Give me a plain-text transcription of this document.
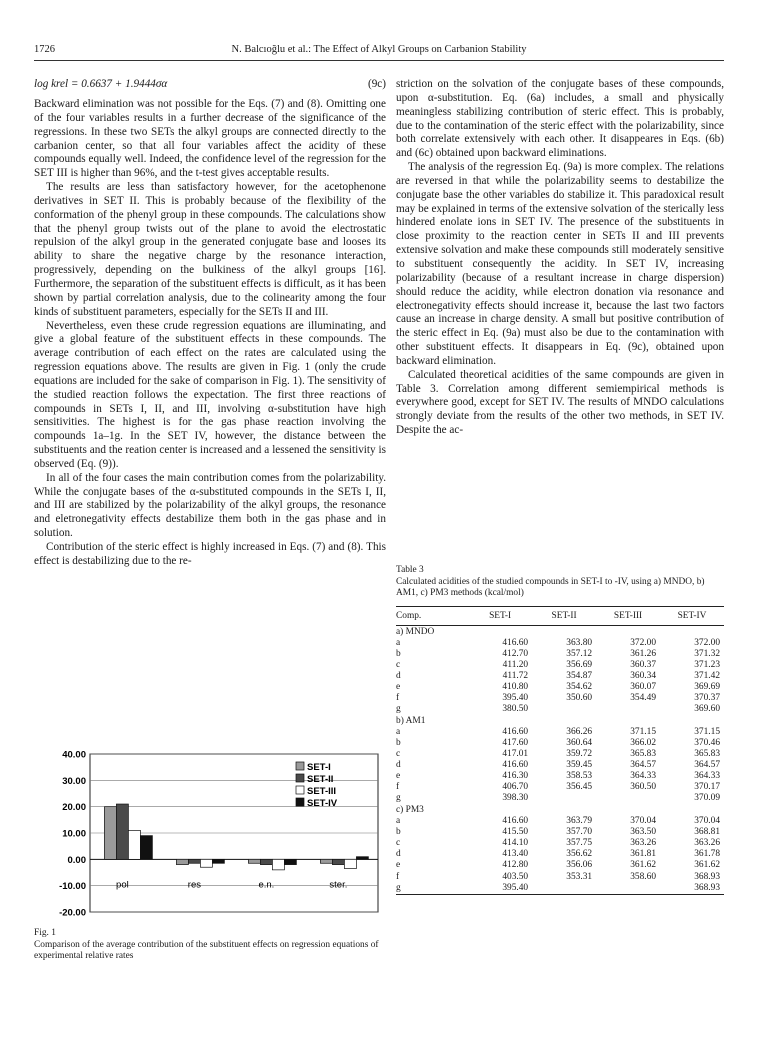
1726	N. Balcıoğlu et al.: The Effect of Alkyl Groups on Carbanion Stability
log krel = 0.6637 + 1.9444σα	(9c)

Backward elimination was not possible for the Eqs. (7) and (8). Omitting one of the four variables results in a further decrease of the significance of the regressions. In these two SETs the alkyl groups are connected directly to the carbanion center, so that all four variables affect the acidity of these compounds equally well. Indeed, the confidence level of the regression for the SET III is higher than 96%, and the t-test gives acceptable results.

The results are less than satisfactory however, for the acetophenone derivatives in SET II. This is probably because of the flexibility of the conformation of the phenyl group in these compounds. The calculations show that the phenyl group twists out of the plane to avoid the electrostatic repulsion of the alkyl group in the generated conjugate base and looses its ability to share the negative charge by the resonance interaction, progressively, depending on the bulkiness of the alkyl groups [16]. Furthermore, the separation of the substituent effects is difficult, as it has been shown by partial correlation analysis, due to the colinearity among the four kinds of substituent parameters, especially for the SETs II and III.

Nevertheless, even these crude regression equations are illuminating, and give a global feature of the substituent effects in these compounds. The average contribution of each effect on the rates are calculated using the regression equations above. The results are given in Fig. 1 (only the crude equations are included for the sake of comparison in Fig. 1). The sensitivity of the studied reaction follows the expectation. The first three reactions of compounds in SETs I, II, and III, involving α-substitution have high sensitivities. The highest is for the gas phase reaction involving the compounds 1a–1g. In the SET IV, however, the distance between the substituents and the reation center is increased and a lessened the sensitivity is observed (Eq. (9)).

In all of the four cases the main contribution comes from the polarizability. While the conjugate bases of the α-substituted compounds in the SETs I, II, and III are stabilized by the polarizability of the alkyl groups, the resonance and eletronegativity effects destabilize them both in the gas phase and in solution.

Contribution of the steric effect is highly increased in Eqs. (7) and (8). This effect is destabilizing due to the re-

striction on the solvation of the conjugate bases of these compounds, upon α-substitution. Eq. (6a) includes, a small and physically meaningless stabilizing contribution of steric effect. This is probably, due to the contamination of the steric effect with the polarizability, since both correlate extensively with each other. It disappeares in Eqs. (6b) and (6c) obtained upon backward eliminations.

The analysis of the regression Eq. (9a) is more complex. The relations are reversed in that while the polarizability seems to destabilize the conjugate base the other variables do stabilize it. This paradoxical result may be explained in terms of the extensive solvation of the sterically less hindered enolate ions in SET IV. The presence of the substituents in close proximity to the reaction center in SETs II and III prevents extensive solvation and make these compounds still moderately sensitive to substituent consequently the acidity. In SET IV, increasing polarizability (because of a resultant increase in charge dispersion) should reduce the acidity, while electron donation via resonance and electronegativity effects should increase it, because the last two factors cause an increase in charge density. A small but positive contribution of the steric effect in Eq. (9a) must also be due to the contamination with other substituent effects. It disappears in Eq. (9c), obtained upon backward elimination.

Calculated theoretical acidities of the same compounds are given in Table 3. Correlation among different semiempirical methods is everywhere good, except for SET IV. The results of MNDO calculations strongly deviate from the results of the other two methods, in SET IV. Despite the ac-

40.00
30.00
20.00
10.00
0.00
-10.00
-20.00
pol	res	e.n.	ster.
SET-I
SET-II
SET-III
SET-IV
Fig. 1
Comparison of the average contribution of the substituent effects on regression equations of experimental relative rates
Table 3
Calculated acidities of the studied compounds in SET-I to -IV, using a) MNDO, b) AM1, c) PM3 methods (kcal/mol)
Comp.	SET-I	SET-II	SET-III	SET-IV
a) MNDO				
a	416.60	363.80	372.00	372.00
b	412.70	357.12	361.26	371.32
c	411.20	356.69	360.37	371.23
d	411.72	354.87	360.34	371.42
e	410.80	354.62	360.07	369.69
f	395.40	350.60	354.49	370.37
g	380.50			369.60
b) AM1				
a	416.60	366.26	371.15	371.15
b	417.60	360.64	366.02	370.46
c	417.01	359.72	365.83	365.83
d	416.60	359.45	364.57	364.57
e	416.30	358.53	364.33	364.33
f	406.70	356.45	360.50	370.17
g	398.30			370.09
c) PM3				
a	416.60	363.79	370.04	370.04
b	415.50	357.70	363.50	368.81
c	414.10	357.75	363.26	363.26
d	413.40	356.62	361.81	361.78
e	412.80	356.06	361.62	361.62
f	403.50	353.31	358.60	368.93
g	395.40			368.93
